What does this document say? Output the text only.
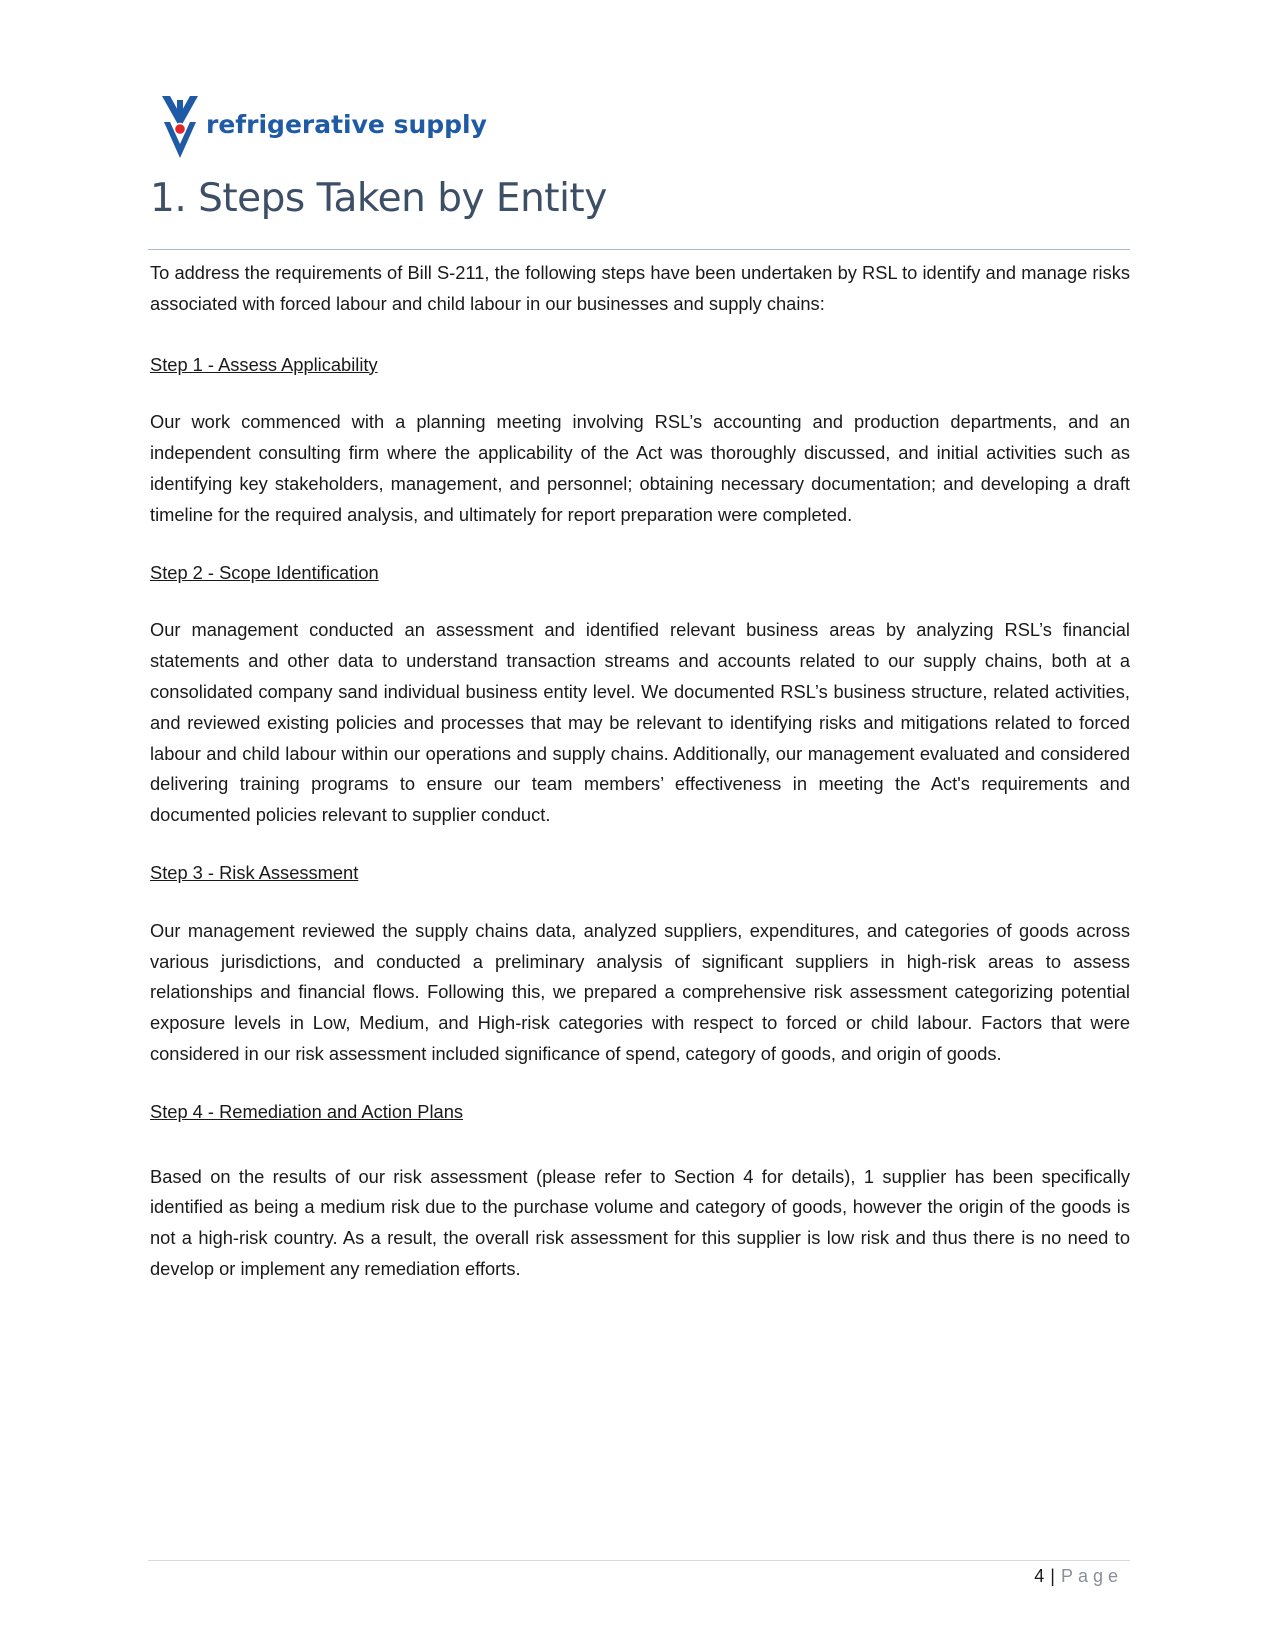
refrigerative supply
1. Steps Taken by Entity

To address the requirements of Bill S-211, the following steps have been undertaken by RSL to identify and manage risks associated with forced labour and child labour in our businesses and supply chains:

Step 1 - Assess Applicability

Our work commenced with a planning meeting involving RSL’s accounting and production departments, and an independent consulting firm where the applicability of the Act was thoroughly discussed, and initial activities such as identifying key stakeholders, management, and personnel; obtaining necessary documentation; and developing a draft timeline for the required analysis, and ultimately for report preparation were completed.

Step 2 - Scope Identification

Our management conducted an assessment and identified relevant business areas by analyzing RSL’s financial statements and other data to understand transaction streams and accounts related to our supply chains, both at a consolidated company sand individual business entity level. We documented RSL’s business structure, related activities, and reviewed existing policies and processes that may be relevant to identifying risks and mitigations related to forced labour and child labour within our operations and supply chains. Additionally, our management evaluated and considered delivering training programs to ensure our team members’ effectiveness in meeting the Act's requirements and documented policies relevant to supplier conduct.

Step 3 - Risk Assessment

Our management reviewed the supply chains data, analyzed suppliers, expenditures, and categories of goods across various jurisdictions, and conducted a preliminary analysis of significant suppliers in high-risk areas to assess relationships and financial flows. Following this, we prepared a comprehensive risk assessment categorizing potential exposure levels in Low, Medium, and High-risk categories with respect to forced or child labour. Factors that were considered in our risk assessment included significance of spend, category of goods, and origin of goods.

Step 4 - Remediation and Action Plans

Based on the results of our risk assessment (please refer to Section 4 for details), 1 supplier has been specifically identified as being a medium risk due to the purchase volume and category of goods, however the origin of the goods is not a high-risk country. As a result, the overall risk assessment for this supplier is low risk and thus there is no need to develop or implement any remediation efforts.

4 | Page
